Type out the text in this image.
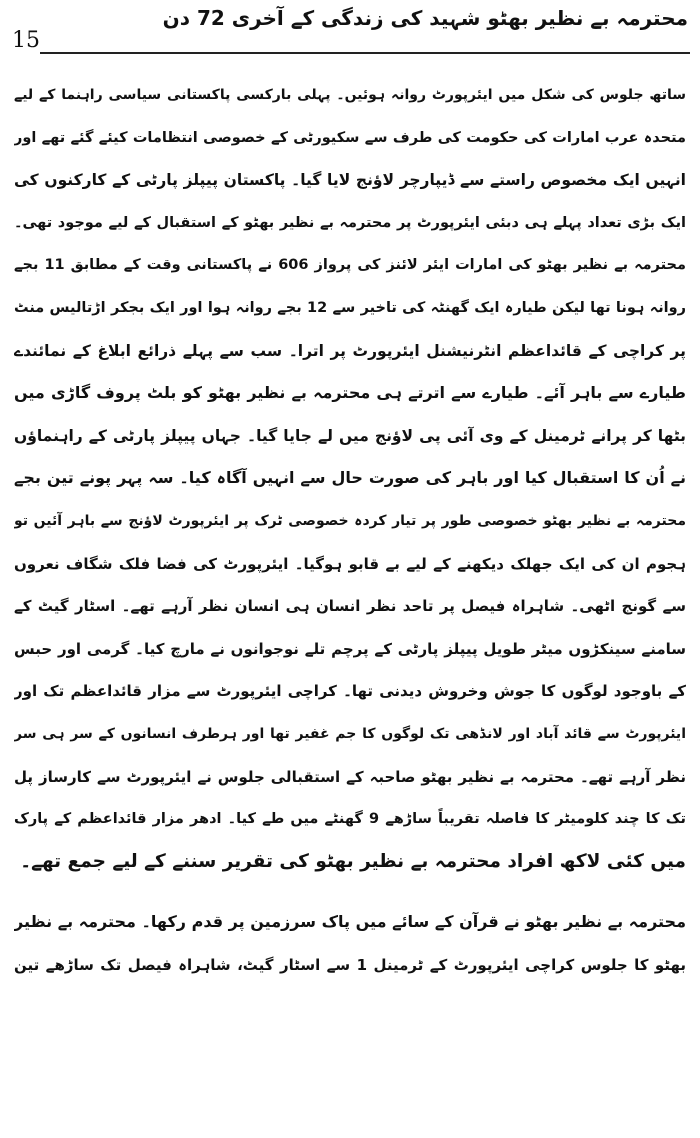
15
محترمہ بے نظیر بھٹو شہید کی زندگی کے آخری 72 دن
ساتھ جلوس کی شکل میں ایئرپورٹ روانہ ہوئیں۔ پہلی بارکسی پاکستانی سیاسی راہنما کے لیے
متحدہ عرب امارات کی حکومت کی طرف سے سکیورٹی کے خصوصی انتظامات کیئے گئے تھے اور
انہیں ایک مخصوص راستے سے ڈیپارچر لاؤنج لایا گیا۔ پاکستان پیپلز پارٹی کے کارکنوں کی
ایک بڑی تعداد پہلے ہی دبئی ایئرپورٹ پر محترمہ بے نظیر بھٹو کے استقبال کے لیے موجود تھی۔
محترمہ بے نظیر بھٹو کی امارات ایئر لائنز کی پرواز 606 نے پاکستانی وقت کے مطابق 11 بجے
روانہ ہونا تھا لیکن طیارہ ایک گھنٹہ کی تاخیر سے 12 بجے روانہ ہوا اور ایک بجکر اڑتالیس منٹ
پر کراچی کے قائداعظم انٹرنیشنل ایئرپورٹ پر اترا۔ سب سے پہلے ذرائع ابلاغ کے نمائندے
طیارے سے باہر آئے۔ طیارے سے اترتے ہی محترمہ بے نظیر بھٹو کو بلٹ پروف گاڑی میں
بٹھا کر پرانے ٹرمینل کے وی آئی پی لاؤنج میں لے جایا گیا۔ جہاں پیپلز پارٹی کے راہنماؤں
نے اُن کا استقبال کیا اور باہر کی صورت حال سے انہیں آگاہ کیا۔ سہ پہر پونے تین بجے
محترمہ بے نظیر بھٹو خصوصی طور پر تیار کردہ خصوصی ٹرک پر ایئرپورٹ لاؤنج سے باہر آئیں تو
ہجوم ان کی ایک جھلک دیکھنے کے لیے بے قابو ہوگیا۔ ایئرپورٹ کی فضا فلک شگاف نعروں
سے گونج اٹھی۔ شاہراہ فیصل پر تاحد نظر انسان ہی انسان نظر آرہے تھے۔ اسٹار گیٹ کے
سامنے سینکڑوں میٹر طویل پیپلز پارٹی کے پرچم تلے نوجوانوں نے مارچ کیا۔ گرمی اور حبس
کے باوجود لوگوں کا جوش وخروش دیدنی تھا۔ کراچی ایئرپورٹ سے مزار قائداعظم تک اور
ایئرپورٹ سے قائد آباد اور لانڈھی تک لوگوں کا جم غفیر تھا اور ہرطرف انسانوں کے سر ہی سر
نظر آرہے تھے۔ محترمہ بے نظیر بھٹو صاحبہ کے استقبالی جلوس نے ایئرپورٹ سے کارساز پل
تک کا چند کلومیٹر کا فاصلہ تقریباً ساڑھے 9 گھنٹے میں طے کیا۔ ادھر مزار قائداعظم کے پارک
میں کئی لاکھ افراد محترمہ بے نظیر بھٹو کی تقریر سننے کے لیے جمع تھے۔
محترمہ بے نظیر بھٹو نے قرآن کے سائے میں پاک سرزمین پر قدم رکھا۔ محترمہ بے نظیر
بھٹو کا جلوس کراچی ایئرپورٹ کے ٹرمینل 1 سے اسٹار گیٹ، شاہراہ فیصل تک ساڑھے تین
